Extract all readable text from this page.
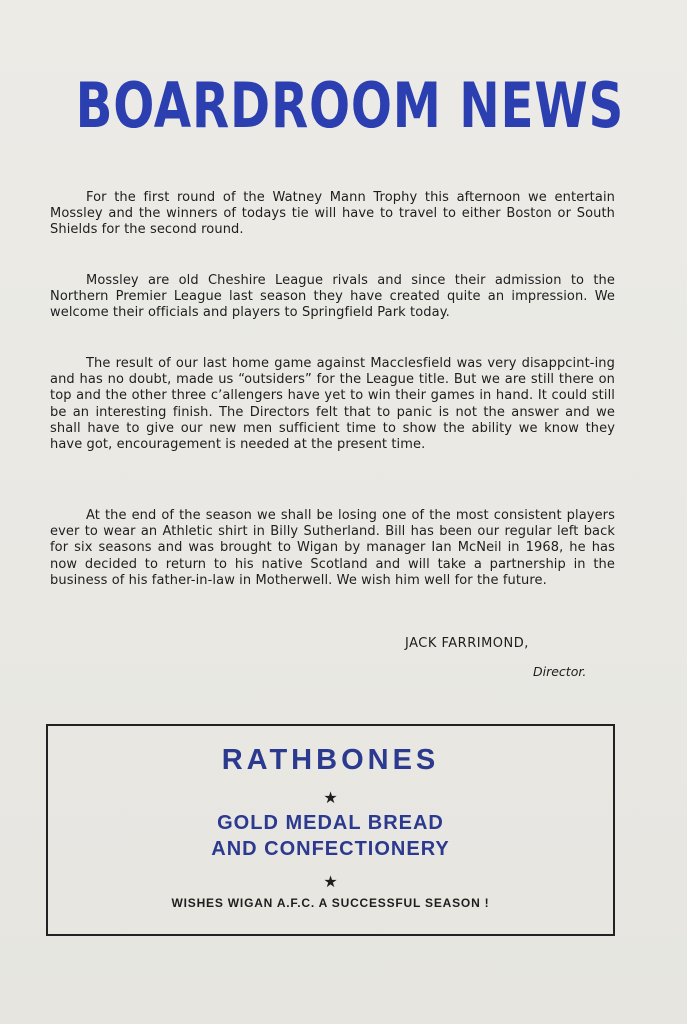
BOARDROOM NEWS

For the first round of the Watney Mann Trophy this afternoon we entertain Mossley and the winners of todays tie will have to travel to either Boston or South Shields for the second round.

Mossley are old Cheshire League rivals and since their admission to the Northern Premier League last season they have created quite an impression. We welcome their officials and players to Springfield Park today.

The result of our last home game against Macclesfield was very disappcint-ing and has no doubt, made us “outsiders” for the League title. But we are still there on top and the other three cʼallengers have yet to win their games in hand. It could still be an interesting finish. The Directors felt that to panic is not the answer and we shall have to give our new men sufficient time to show the ability we know they have got, encouragement is needed at the present time.

At the end of the season we shall be losing one of the most consistent players ever to wear an Athletic shirt in Billy Sutherland. Bill has been our regular left back for six seasons and was brought to Wigan by manager Ian McNeil in 1968, he has now decided to return to his native Scotland and will take a partnership in the business of his father-in-law in Motherwell. We wish him well for the future.

JACK FARRIMOND,
Director.
RATHBONES
★
GOLD MEDAL BREAD
AND CONFECTIONERY
★
WISHES WIGAN A.F.C. A SUCCESSFUL SEASON !
